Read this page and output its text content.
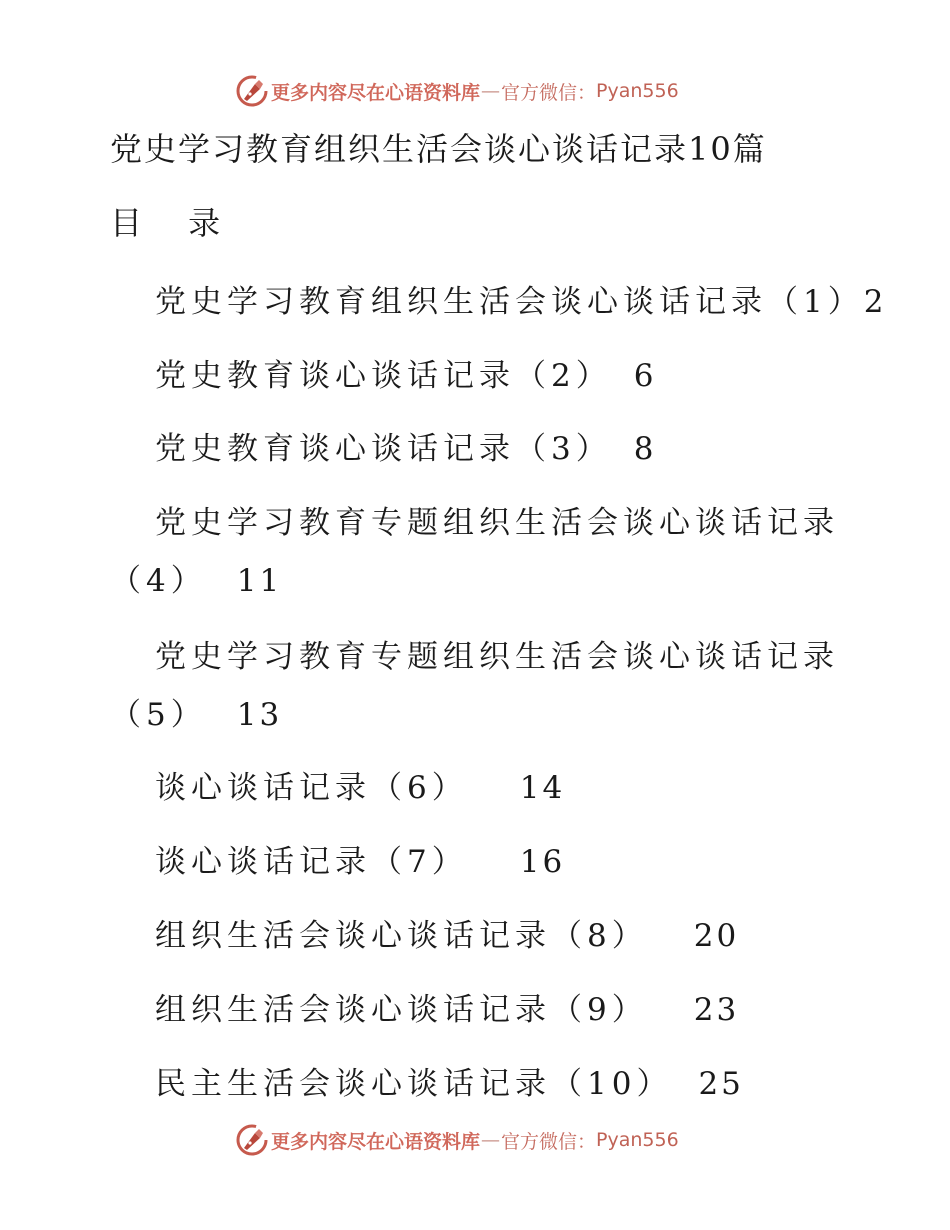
更多内容尽在心语资料库 — 官方微信： Pyan556
党史学习教育组织生活会谈心谈话记录10篇
目 录
党史学习教育组织生活会谈心谈话记录（1）2
党史教育谈心谈话记录（2） 6
党史教育谈心谈话记录（3） 8
党史学习教育专题组织生活会谈心谈话记录
（4） 11
党史学习教育专题组织生活会谈心谈话记录
（5） 13
谈心谈话记录（6） 14
谈心谈话记录（7） 16
组织生活会谈心谈话记录（8） 20
组织生活会谈心谈话记录（9） 23
民主生活会谈心谈话记录（10） 25
更多内容尽在心语资料库 — 官方微信： Pyan556
